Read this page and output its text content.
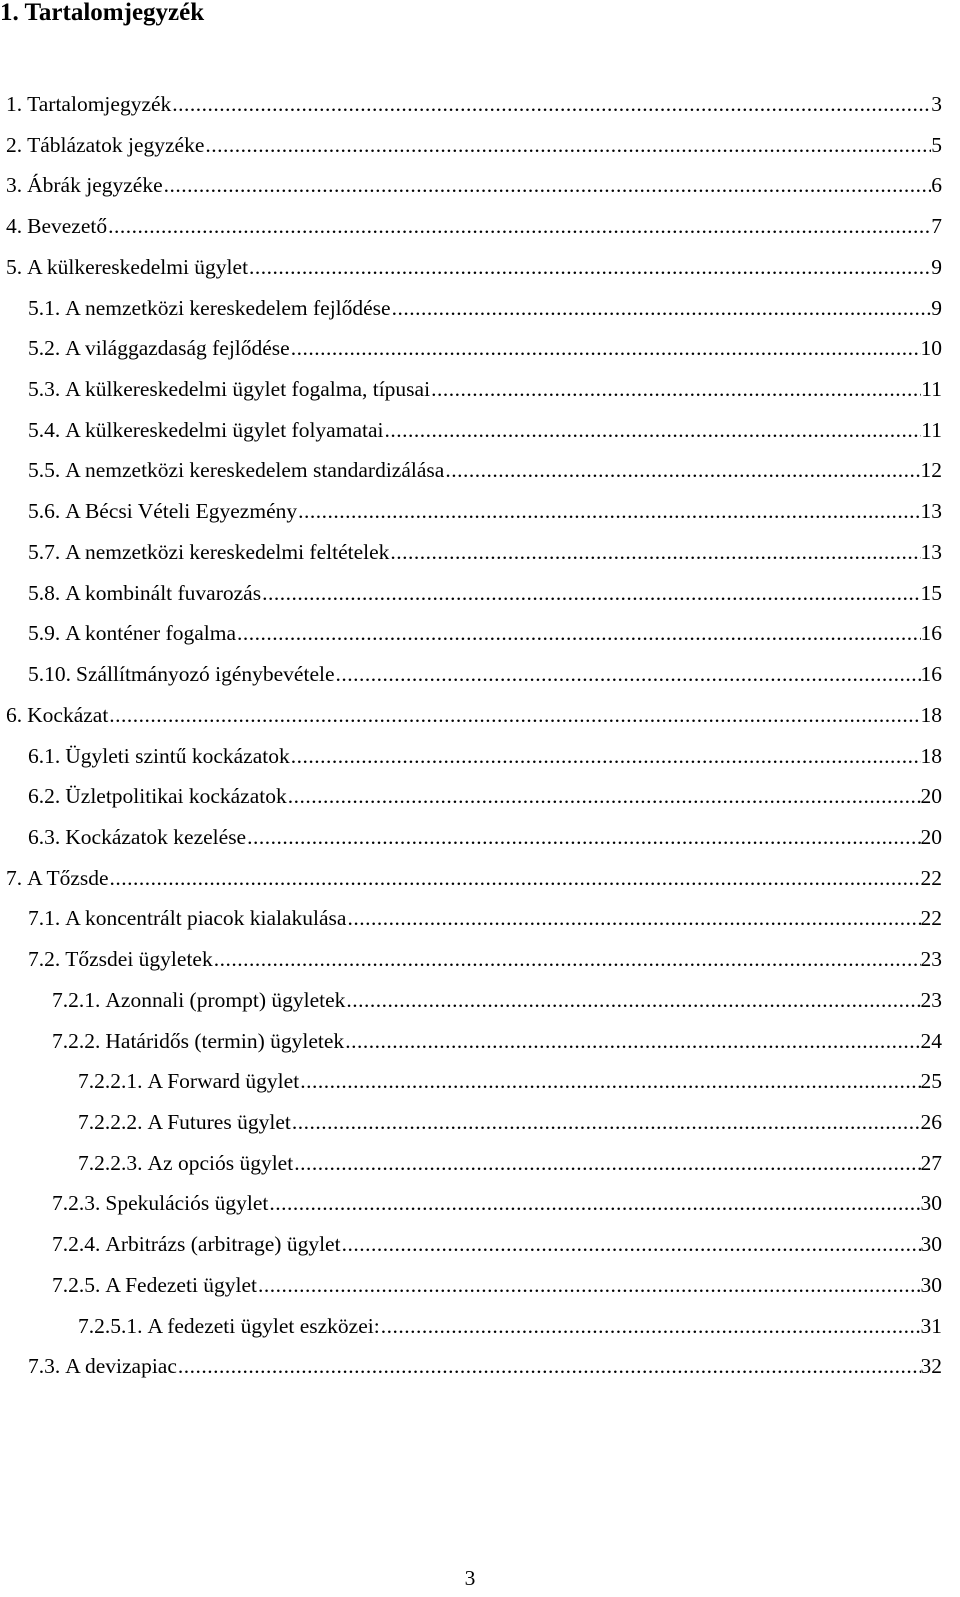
1. Tartalomjegyzék
1. Tartalomjegyzék .....	3
2. Táblázatok jegyzéke .....	5
3. Ábrák jegyzéke .....	6
4. Bevezető .....	7
5. A külkereskedelmi ügylet .....	9
5.1. A nemzetközi kereskedelem fejlődése .....	9
5.2. A világgazdaság fejlődése .....	10
5.3. A külkereskedelmi ügylet fogalma, típusai .....	11
5.4. A külkereskedelmi ügylet folyamatai .....	11
5.5. A nemzetközi kereskedelem standardizálása .....	12
5.6. A Bécsi Vételi Egyezmény .....	13
5.7. A nemzetközi kereskedelmi feltételek .....	13
5.8. A kombinált fuvarozás .....	15
5.9. A konténer fogalma .....	16
5.10. Szállítmányozó igénybevétele .....	16
6. Kockázat .....	18
6.1. Ügyleti szintű kockázatok .....	18
6.2. Üzletpolitikai kockázatok .....	20
6.3. Kockázatok kezelése .....	20
7. A Tőzsde .....	22
7.1. A koncentrált piacok kialakulása .....	22
7.2. Tőzsdei ügyletek .....	23
7.2.1. Azonnali (prompt) ügyletek .....	23
7.2.2. Határidős (termin) ügyletek .....	24
7.2.2.1. A Forward ügylet .....	25
7.2.2.2. A Futures ügylet .....	26
7.2.2.3. Az opciós ügylet .....	27
7.2.3. Spekulációs ügylet .....	30
7.2.4. Arbitrázs (arbitrage) ügylet .....	30
7.2.5. A Fedezeti ügylet .....	30
7.2.5.1. A fedezeti ügylet eszközei: .....	31
7.3. A devizapiac .....	32
3
